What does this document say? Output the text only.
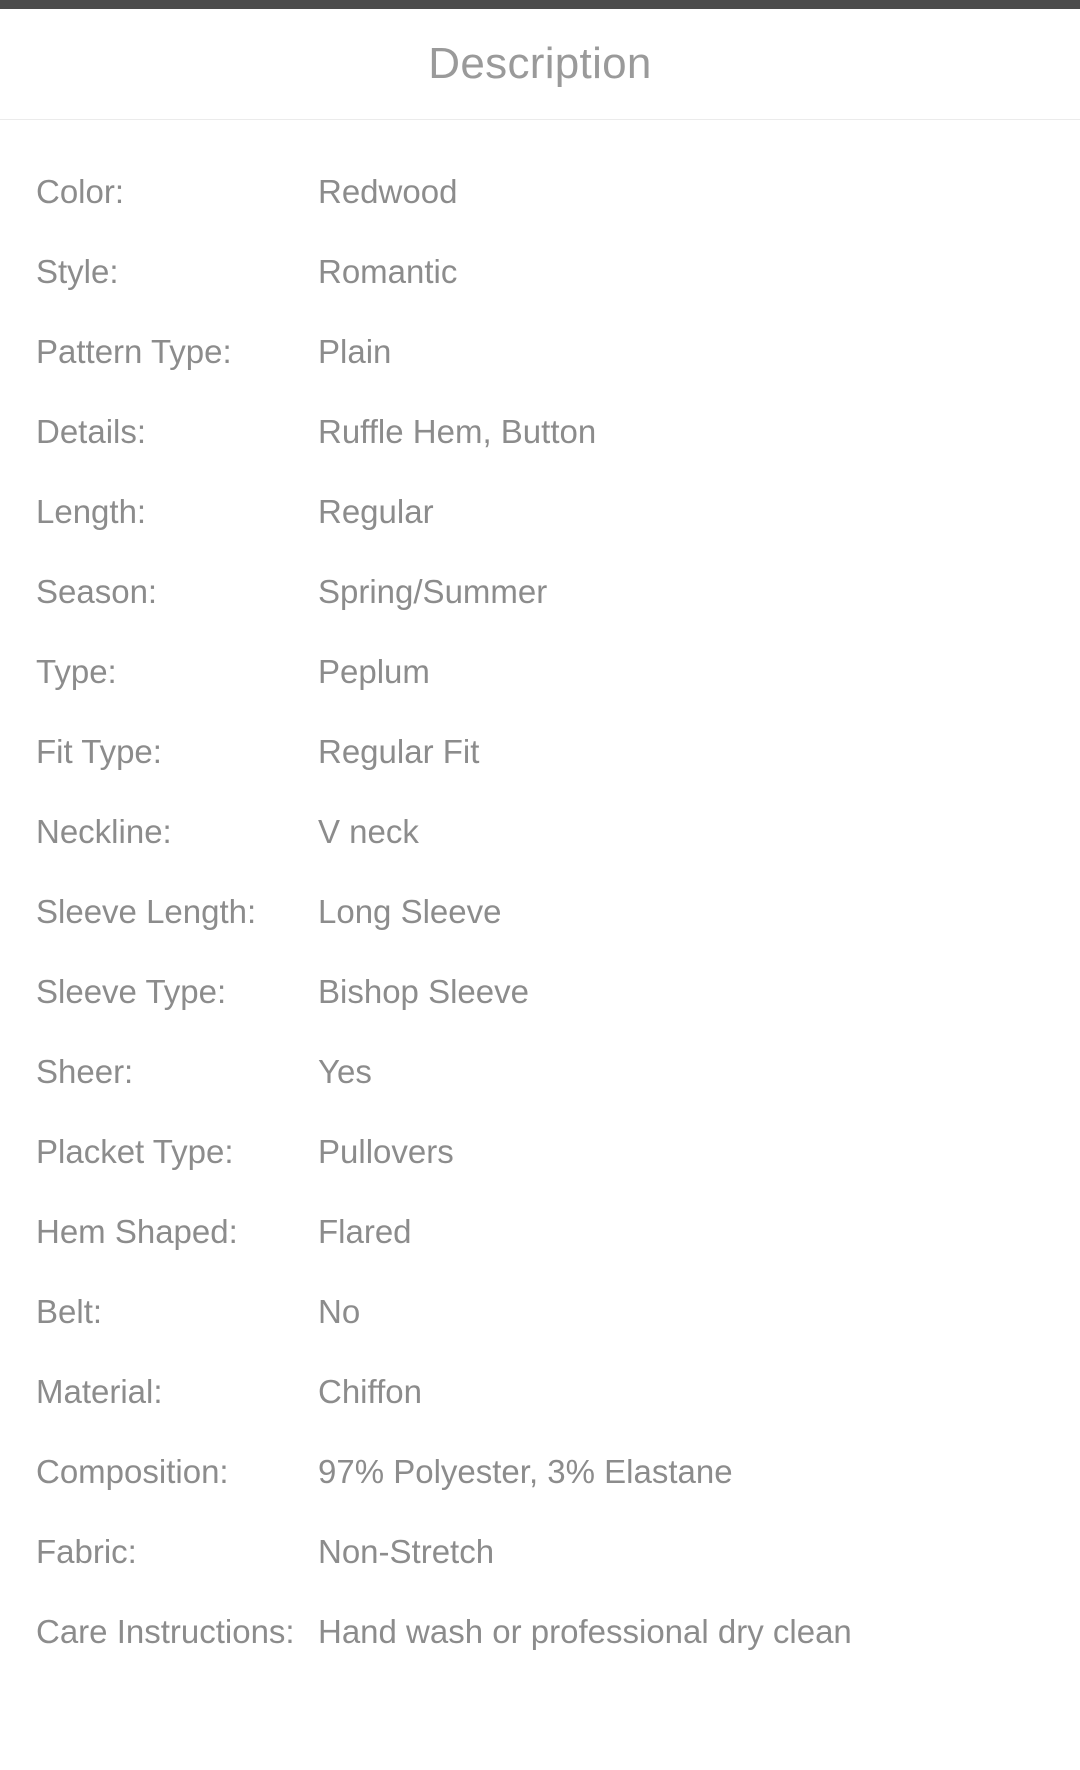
Description
Color:	Redwood
Style:	Romantic
Pattern Type:	Plain
Details:	Ruffle Hem, Button
Length:	Regular
Season:	Spring/Summer
Type:	Peplum
Fit Type:	Regular Fit
Neckline:	V neck
Sleeve Length:	Long Sleeve
Sleeve Type:	Bishop Sleeve
Sheer:	Yes
Placket Type:	Pullovers
Hem Shaped:	Flared
Belt:	No
Material:	Chiffon
Composition:	97% Polyester, 3% Elastane
Fabric:	Non-Stretch
Care Instructions: Hand wash or professional dry clean
